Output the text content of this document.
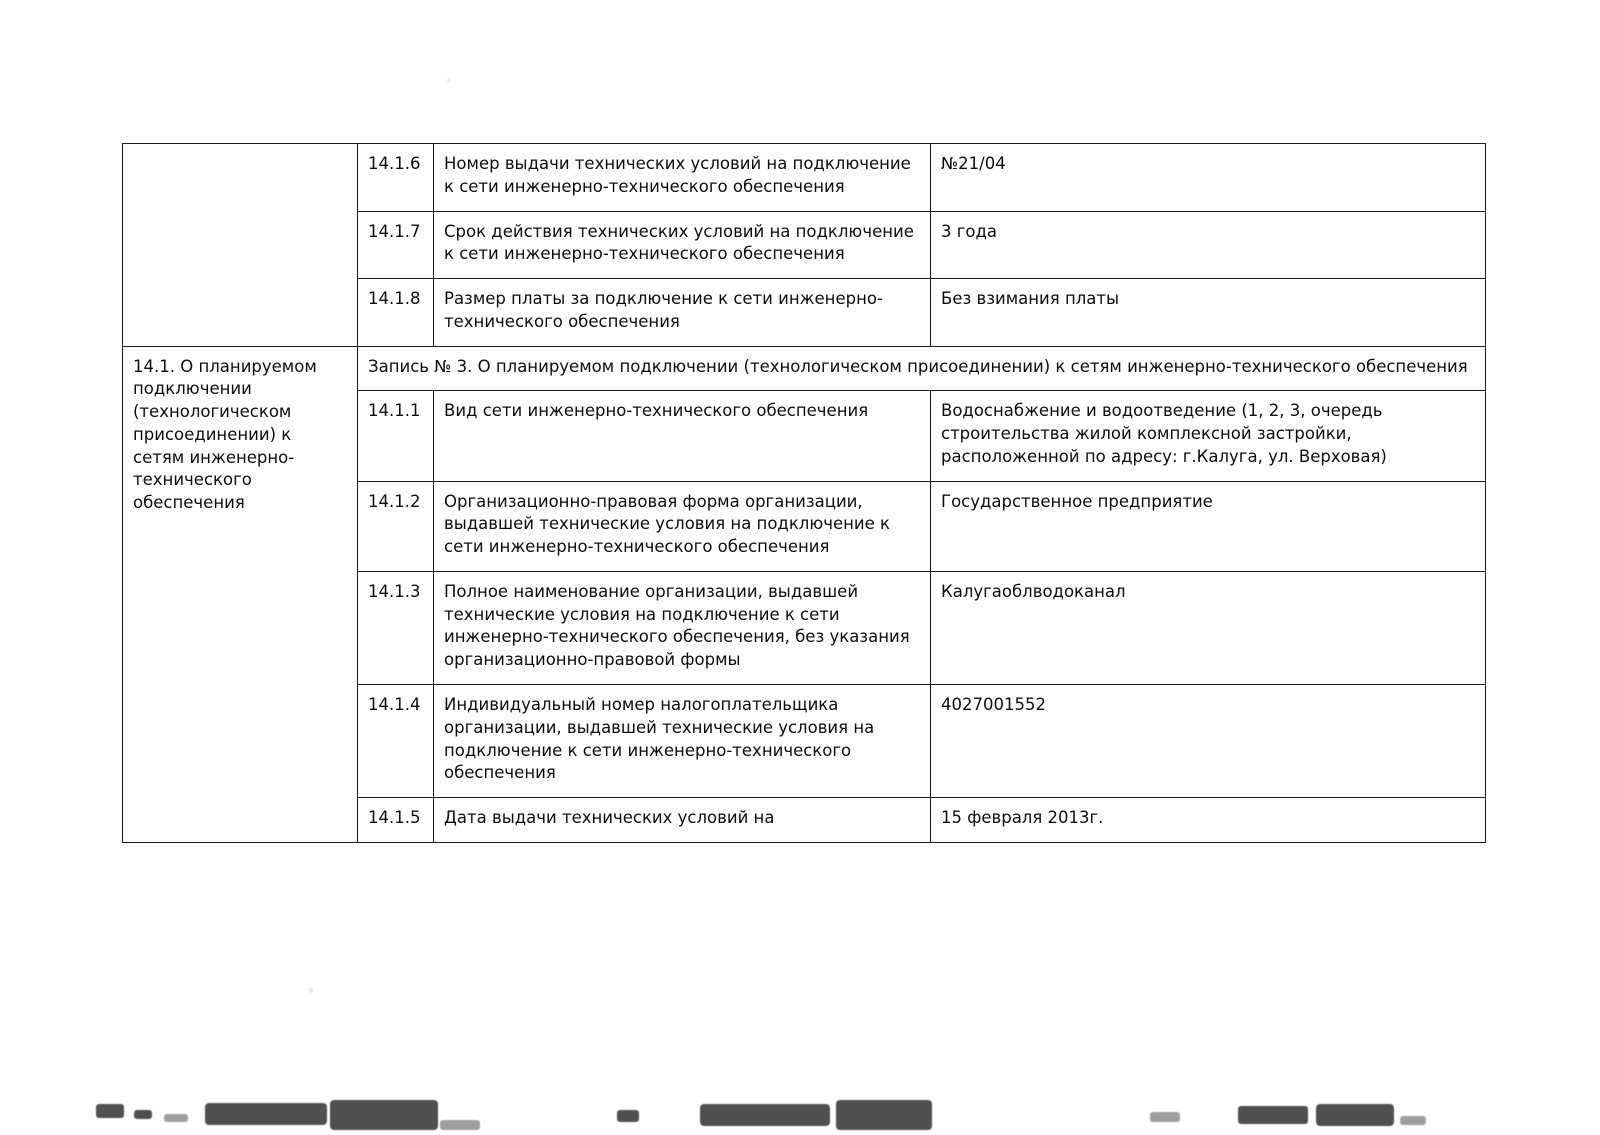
	14.1.6	Номер выдачи технических условий на подключение к сети инженерно-технического обеспечения	№21/04
	14.1.7	Срок действия технических условий на подключение к сети инженерно-технического обеспечения	3 года
	14.1.8	Размер платы за подключение к сети инженерно-технического обеспечения	Без взимания платы
14.1. О планируемом подключении (технологическом присоединении) к сетям инженерно-технического обеспечения	Запись № 3. О планируемом подключении (технологическом присоединении) к сетям инженерно-технического обеспечения		
	14.1.1	Вид сети инженерно-технического обеспечения	Водоснабжение и водоотведение (1, 2, 3, очередь строительства жилой комплексной застройки, расположенной по адресу: г.Калуга, ул. Верховая)
	14.1.2	Организационно-правовая форма организации, выдавшей технические условия на подключение к сети инженерно-технического обеспечения	Государственное предприятие
	14.1.3	Полное наименование организации, выдавшей технические условия на подключение к сети инженерно-технического обеспечения, без указания организационно-правовой формы	Калугаоблводоканал
	14.1.4	Индивидуальный номер налогоплательщика организации, выдавшей технические условия на подключение к сети инженерно-технического обеспечения	4027001552
	14.1.5	Дата выдачи технических условий на	15 февраля 2013г.
